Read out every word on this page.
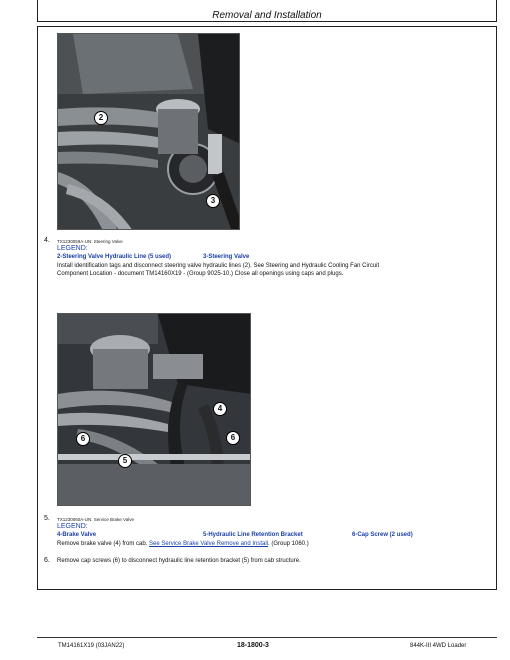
Removal and Installation
2
3
4. TX1230059A-UN: Steering Valve
LEGEND:
2-Steering Valve Hydraulic Line (5 used)	3-Steering Valve
Install identification tags and disconnect steering valve hydraulic lines (2). See Steering and Hydraulic Cooling Fan Circuit
Component Location - document TM14160X19 - (Group 9025-10.) Close all openings using caps and plugs.
4
6	6
5
5. TX1230060A-UN: Service Brake Valve
LEGEND:
4-Brake Valve	5-Hydraulic Line Retention Bracket	6-Cap Screw (2 used)
Remove brake valve (4) from cab. See Service Brake Valve Remove and Install. (Group 1060.)
6. Remove cap screws (6) to disconnect hydraulic line retention bracket (5) from cab structure.
TM14161X19 (03JAN22)	18-1800-3	844K-III 4WD Loader
